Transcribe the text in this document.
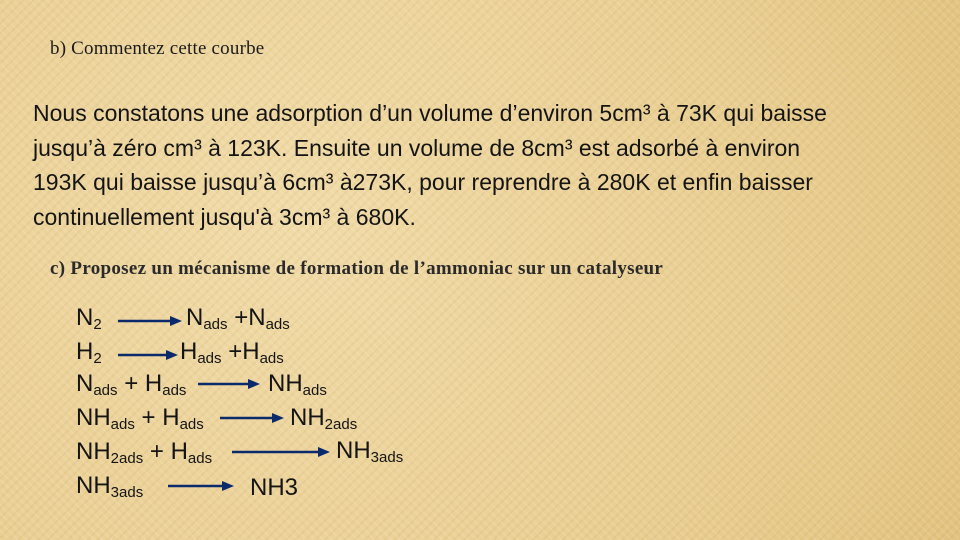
b) Commentez cette courbe

Nous constatons une adsorption d’un volume d’environ 5cm³ à 73K qui baisse
jusqu’à zéro cm³ à 123K. Ensuite un volume de 8cm³ est adsorbé à environ
193K qui baisse jusqu’à 6cm³ à273K, pour reprendre à 280K et enfin baisser
continuellement jusqu'à 3cm³ à 680K.

c) Proposez un mécanisme de formation de l’ammoniac sur un catalyseur

N2 → Nads +Nads
H2 → Hads +Hads
Nads + Hads → NHads
NHads + Hads → NH2ads
NH2ads + Hads	NH3ads
NH3ads	NH3
